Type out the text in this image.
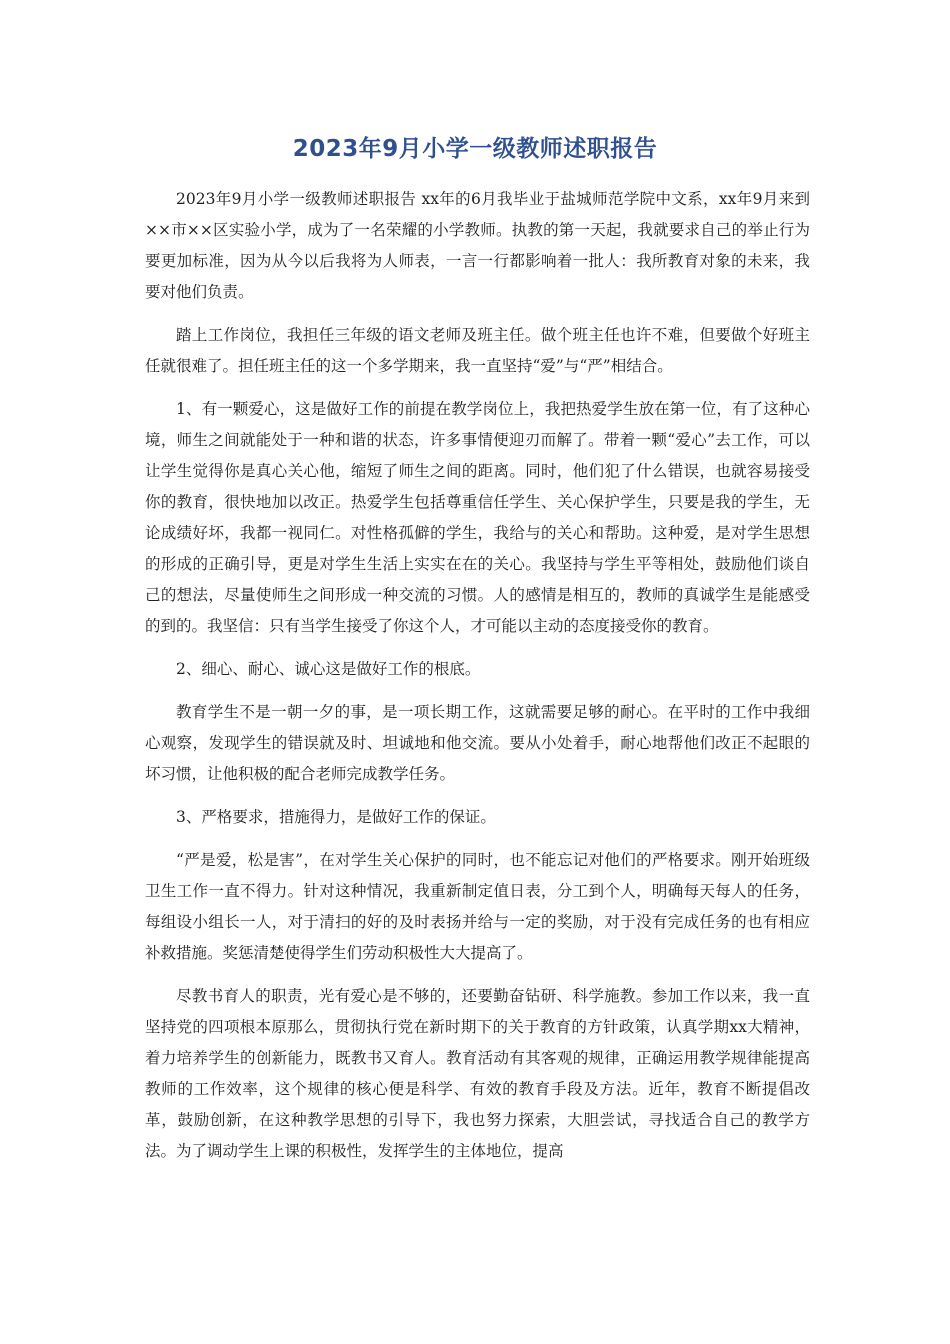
2023年9月小学一级教师述职报告

2023年9月小学一级教师述职报告 xx年的6月我毕业于盐城师范学院中文系，xx年9月来到××市××区实验小学，成为了一名荣耀的小学教师。执教的第一天起，我就要求自己的举止行为要更加标准，因为从今以后我将为人师表，一言一行都影响着一批人：我所教育对象的未来，我要对他们负责。

踏上工作岗位，我担任三年级的语文老师及班主任。做个班主任也许不难，但要做个好班主任就很难了。担任班主任的这一个多学期来，我一直坚持“爱”与“严”相结合。

1、有一颗爱心，这是做好工作的前提在教学岗位上，我把热爱学生放在第一位，有了这种心境，师生之间就能处于一种和谐的状态，许多事情便迎刃而解了。带着一颗“爱心”去工作，可以让学生觉得你是真心关心他，缩短了师生之间的距离。同时，他们犯了什么错误，也就容易接受你的教育，很快地加以改正。热爱学生包括尊重信任学生、关心保护学生，只要是我的学生，无论成绩好坏，我都一视同仁。对性格孤僻的学生，我给与的关心和帮助。这种爱，是对学生思想的形成的正确引导，更是对学生生活上实实在在的关心。我坚持与学生平等相处，鼓励他们谈自己的想法，尽量使师生之间形成一种交流的习惯。人的感情是相互的，教师的真诚学生是能感受的到的。我坚信：只有当学生接受了你这个人，才可能以主动的态度接受你的教育。

2、细心、耐心、诚心这是做好工作的根底。

教育学生不是一朝一夕的事，是一项长期工作，这就需要足够的耐心。在平时的工作中我细心观察，发现学生的错误就及时、坦诚地和他交流。要从小处着手，耐心地帮他们改正不起眼的坏习惯，让他积极的配合老师完成教学任务。

3、严格要求，措施得力，是做好工作的保证。

“严是爱，松是害”，在对学生关心保护的同时，也不能忘记对他们的严格要求。刚开始班级卫生工作一直不得力。针对这种情况，我重新制定值日表，分工到个人，明确每天每人的任务，每组设小组长一人，对于清扫的好的及时表扬并给与一定的奖励，对于没有完成任务的也有相应补救措施。奖惩清楚使得学生们劳动积极性大大提高了。

尽教书育人的职责，光有爱心是不够的，还要勤奋钻研、科学施教。参加工作以来，我一直坚持党的四项根本原那么，贯彻执行党在新时期下的关于教育的方针政策，认真学期xx大精神，着力培养学生的创新能力，既教书又育人。教育活动有其客观的规律，正确运用教学规律能提高教师的工作效率，这个规律的核心便是科学、有效的教育手段及方法。近年，教育不断提倡改革，鼓励创新，在这种教学思想的引导下，我也努力探索，大胆尝试，寻找适合自己的教学方法。为了调动学生上课的积极性，发挥学生的主体地位，提高
